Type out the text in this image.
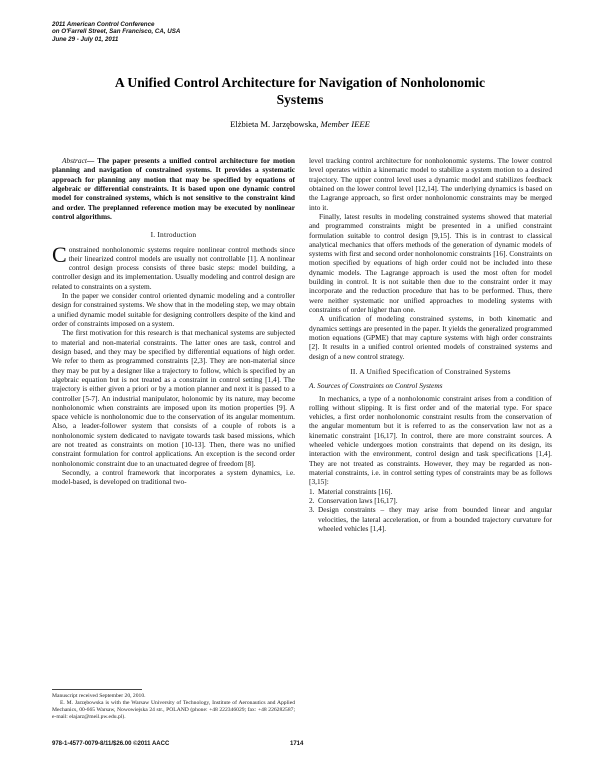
2011 American Control Conference
on O'Farrell Street, San Francisco, CA, USA
June 29 - July 01, 2011
A Unified Control Architecture for Navigation of Nonholonomic
Systems
Elżbieta M. Jarzębowska, Member IEEE

Abstract— The paper presents a unified control architecture for motion planning and navigation of constrained systems. It provides a systematic approach for planning any motion that may be specified by equations of algebraic or differential constraints. It is based upon one dynamic control model for constrained systems, which is not sensitive to the constraint kind and order. The preplanned reference motion may be executed by nonlinear control algorithms.

I. Introduction

Constrained nonholonomic systems require nonlinear control methods since their linearized control models are usually not controllable [1]. A nonlinear control design process consists of three basic steps: model building, a controller design and its implementation. Usually modeling and control design are related to constraints on a system.

In the paper we consider control oriented dynamic modeling and a controller design for constrained systems. We show that in the modeling step, we may obtain a unified dynamic model suitable for designing controllers despite of the kind and order of constraints imposed on a system.

The first motivation for this research is that mechanical systems are subjected to material and non-material constraints. The latter ones are task, control and design based, and they may be specified by differential equations of high order. We refer to them as programmed constraints [2,3]. They are non-material since they may be put by a designer like a trajectory to follow, which is specified by an algebraic equation but is not treated as a constraint in control setting [1,4]. The trajectory is either given a priori or by a motion planner and next it is passed to a controller [5-7]. An industrial manipulator, holonomic by its nature, may become nonholonomic when constraints are imposed upon its motion properties [9]. A space vehicle is nonholonomic due to the conservation of its angular momentum. Also, a leader-follower system that consists of a couple of robots is a nonholonomic system dedicated to navigate towards task based missions, which are not treated as constraints on motion [10-13]. Then, there was no unified constraint formulation for control applications. An exception is the second order nonholonomic constraint due to an unactuated degree of freedom [8].

Secondly, a control framework that incorporates a system dynamics, i.e. model-based, is developed on traditional two-

level tracking control architecture for nonholonomic systems. The lower control level operates within a kinematic model to stabilize a system motion to a desired trajectory. The upper control level uses a dynamic model and stabilizes feedback obtained on the lower control level [12,14]. The underlying dynamics is based on the Lagrange approach, so first order nonholonomic constraints may be merged into it.

Finally, latest results in modeling constrained systems showed that material and programmed constraints might be presented in a unified constraint formulation suitable to control design [9,15]. This is in contrast to classical analytical mechanics that offers methods of the generation of dynamic models of systems with first and second order nonholonomic constraints [16]. Constraints on motion specified by equations of high order could not be included into these dynamic models. The Lagrange approach is used the most often for model building in control. It is not suitable then due to the constraint order it may incorporate and the reduction procedure that has to be performed. Thus, there were neither systematic nor unified approaches to modeling systems with constraints of order higher than one.

A unification of modeling constrained systems, in both kinematic and dynamics settings are presented in the paper. It yields the generalized programmed motion equations (GPME) that may capture systems with high order constraints [2]. It results in a unified control oriented models of constrained systems and design of a new control strategy.

II. A Unified Specification of Constrained Systems
A. Sources of Constraints on Control Systems

In mechanics, a type of a nonholonomic constraint arises from a condition of rolling without slipping. It is first order and of the material type. For space vehicles, a first order nonholonomic constraint results from the conservation of the angular momentum but it is referred to as the conservation law not as a kinematic constraint [16,17]. In control, there are more constraint sources. A wheeled vehicle undergoes motion constraints that depend on its design, its interaction with the environment, control design and task specifications [1,4]. They are not treated as constraints. However, they may be regarded as non-material constraints, i.e. in control setting types of constraints may be as follows [3,15]:

1. Material constraints [16].
2. Conservation laws [16,17].
3. Design constraints – they may arise from bounded linear and angular velocities, the lateral acceleration, or from a bounded trajectory curvature for wheeled vehicles [1,4].

Manuscript received September 20, 2010.

E. M. Jarzębowska is with the Warsaw University of Technology, Institute of Aeronautics and Applied Mechanics, 00-665 Warsaw, Nowowiejska 24 str., POLAND (phone: +48 222346029; fax: +48 226282587; e-mail: elajarz@meil.pw.edu.pl).

978-1-4577-0079-8/11/$26.00 ©2011 AACC	1714
